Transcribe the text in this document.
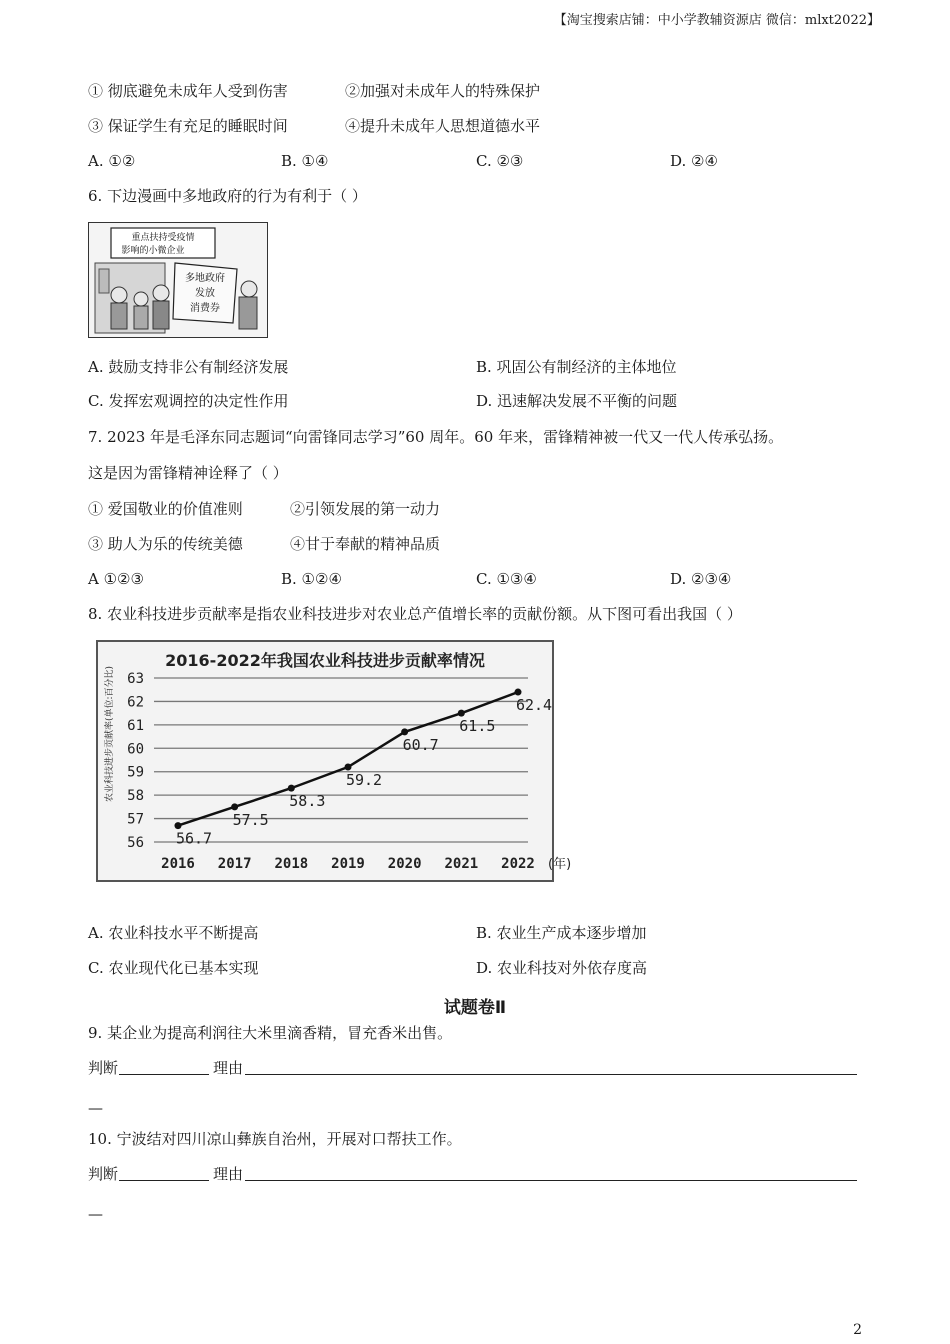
【淘宝搜索店铺：中小学教辅资源店 微信：mlxt2022】
① 彻底避免未成年人受到伤害	②加强对未成年人的特殊保护
③ 保证学生有充足的睡眠时间	④提升未成年人思想道德水平
A. ①②	B. ①④	C. ②③	D. ②④
6. 下边漫画中多地政府的行为有利于（ ）
重点扶持受疫情
影响的小微企业
多地政府
发放
消费券
A. 鼓励支持非公有制经济发展	B. 巩固公有制经济的主体地位
C. 发挥宏观调控的决定性作用	D. 迅速解决发展不平衡的问题
7. 2023 年是毛泽东同志题词“向雷锋同志学习”60 周年。60 年来，雷锋精神被一代又一代人传承弘扬。
这是因为雷锋精神诠释了（ ）
① 爱国敬业的价值准则	②引领发展的第一动力
③ 助人为乐的传统美德	④甘于奉献的精神品质
A ①②③	B. ①②④	C. ①③④	D. ②③④
8. 农业科技进步贡献率是指农业科技进步对农业总产值增长率的贡献份额。从下图可看出我国（ ）
2016-2022年我国农业科技进步贡献率情况
农业科技进步贡献率(单位:百分比)
56
57
58
59
60
61
62
63
2016 2017 2018 2019 2020 2021 2022 (年)
56.7
57.5
58.3
59.2
60.7
61.5
62.4
A. 农业科技水平不断提高	B. 农业生产成本逐步增加
C. 农业现代化已基本实现	D. 农业科技对外依存度高
试题卷Ⅱ
9. 某企业为提高利润往大米里滴香精，冒充香米出售。
判断	理由
—
10. 宁波结对四川凉山彝族自治州，开展对口帮扶工作。
判断	理由
—
2
